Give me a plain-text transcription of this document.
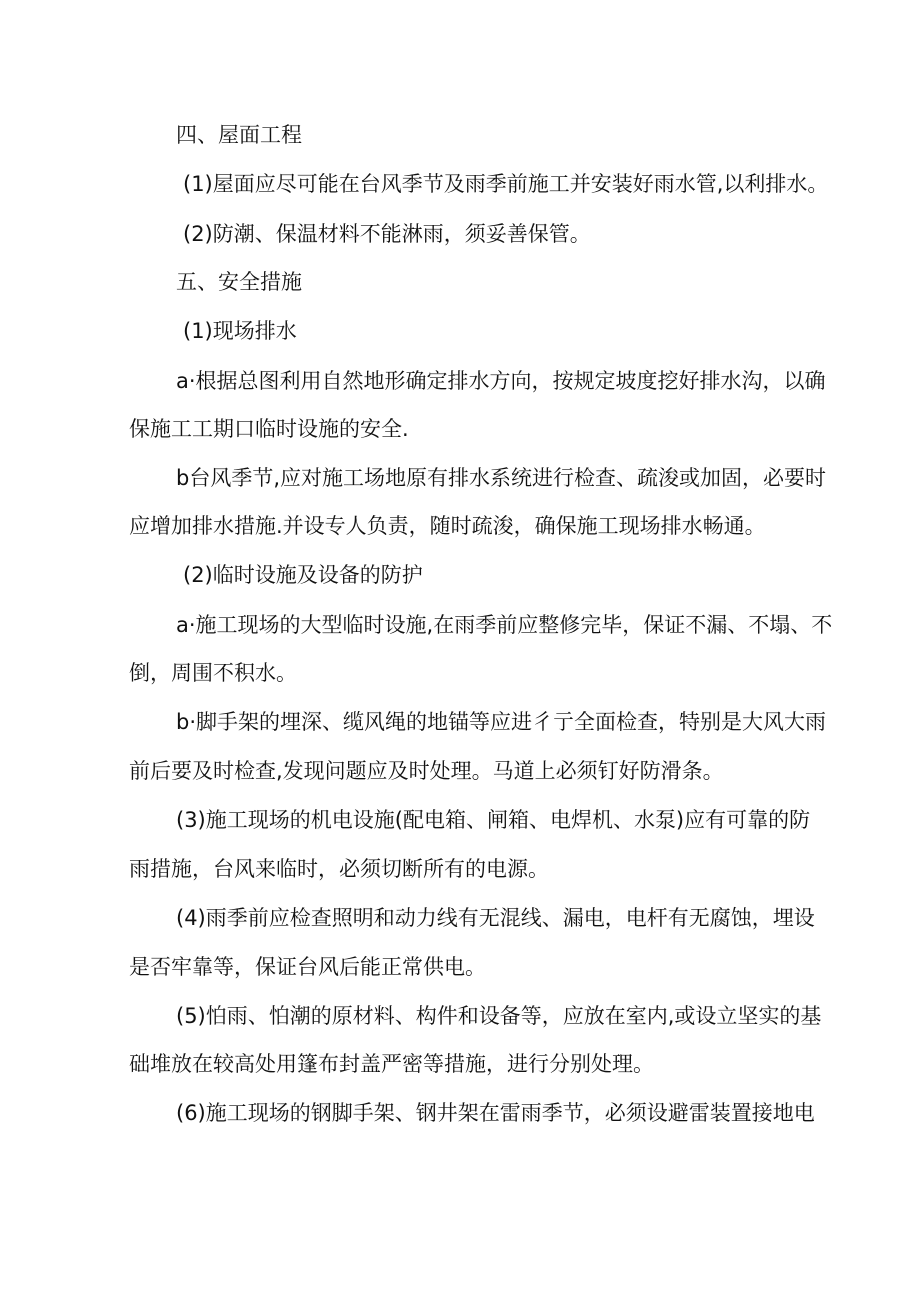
四、屋面工程
(1)屋面应尽可能在台风季节及雨季前施工并安装好雨水管,以利排水。
(2)防潮、保温材料不能淋雨，须妥善保管。
五、安全措施
(1)现场排水
a·根据总图利用自然地形确定排水方向，按规定坡度挖好排水沟，以确
保施工工期口临时设施的安全.
b台风季节,应对施工场地原有排水系统进行检查、疏浚或加固，必要时
应增加排水措施.并设专人负责，随时疏浚，确保施工现场排水畅通。
(2)临时设施及设备的防护
a·施工现场的大型临时设施,在雨季前应整修完毕，保证不漏、不塌、不
倒，周围不积水。
b·脚手架的埋深、缆风绳的地锚等应进彳亍全面检查，特别是大风大雨
前后要及时检查,发现问题应及时处理。马道上必须钉好防滑条。
(3)施工现场的机电设施(配电箱、闸箱、电焊机、水泵)应有可靠的防
雨措施，台风来临时，必须切断所有的电源。
(4)雨季前应检查照明和动力线有无混线、漏电，电杆有无腐蚀，埋设
是否牢靠等，保证台风后能正常供电。
(5)怕雨、怕潮的原材料、构件和设备等，应放在室内,或设立坚实的基
础堆放在较高处用篷布封盖严密等措施，进行分别处理。
(6)施工现场的钢脚手架、钢井架在雷雨季节，必须设避雷装置接地电
